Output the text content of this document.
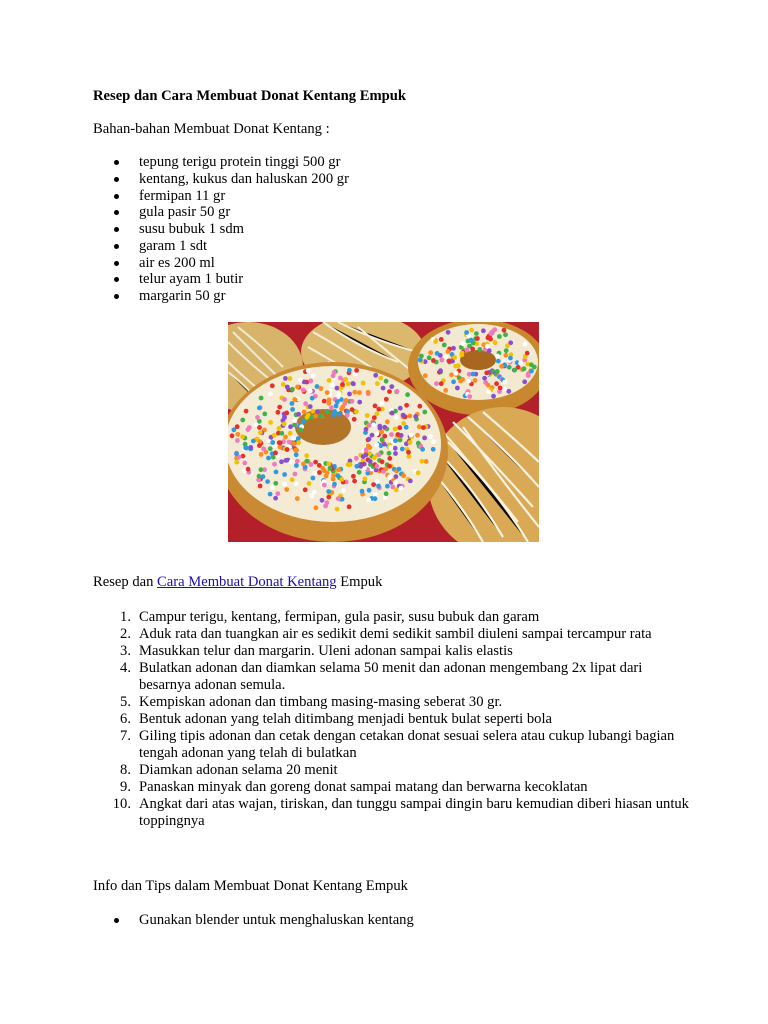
Resep dan Cara Membuat Donat Kentang Empuk
Bahan-bahan Membuat Donat Kentang :
tepung terigu protein tinggi 500 gr
kentang, kukus dan haluskan 200 gr
fermipan 11 gr
gula pasir 50 gr
susu bubuk 1 sdm
garam 1 sdt
air es 200 ml
telur ayam 1 butir
margarin 50 gr
Resep dan Cara Membuat Donat Kentang Empuk
1. Campur terigu, kentang, fermipan, gula pasir, susu bubuk dan garam
2. Aduk rata dan tuangkan air es sedikit demi sedikit sambil diuleni sampai tercampur rata
3. Masukkan telur dan margarin. Uleni adonan sampai kalis elastis
4. Bulatkan adonan dan diamkan selama 50 menit dan adonan mengembang 2x lipat dari besarnya adonan semula.
5. Kempiskan adonan dan timbang masing-masing seberat 30 gr.
6. Bentuk adonan yang telah ditimbang menjadi bentuk bulat seperti bola
7. Giling tipis adonan dan cetak dengan cetakan donat sesuai selera atau cukup lubangi bagian tengah adonan yang telah di bulatkan
8. Diamkan adonan selama 20 menit
9. Panaskan minyak dan goreng donat sampai matang dan berwarna kecoklatan
10. Angkat dari atas wajan, tiriskan, dan tunggu sampai dingin baru kemudian diberi hiasan untuk toppingnya
Info dan Tips dalam Membuat Donat Kentang Empuk
Gunakan blender untuk menghaluskan kentang
